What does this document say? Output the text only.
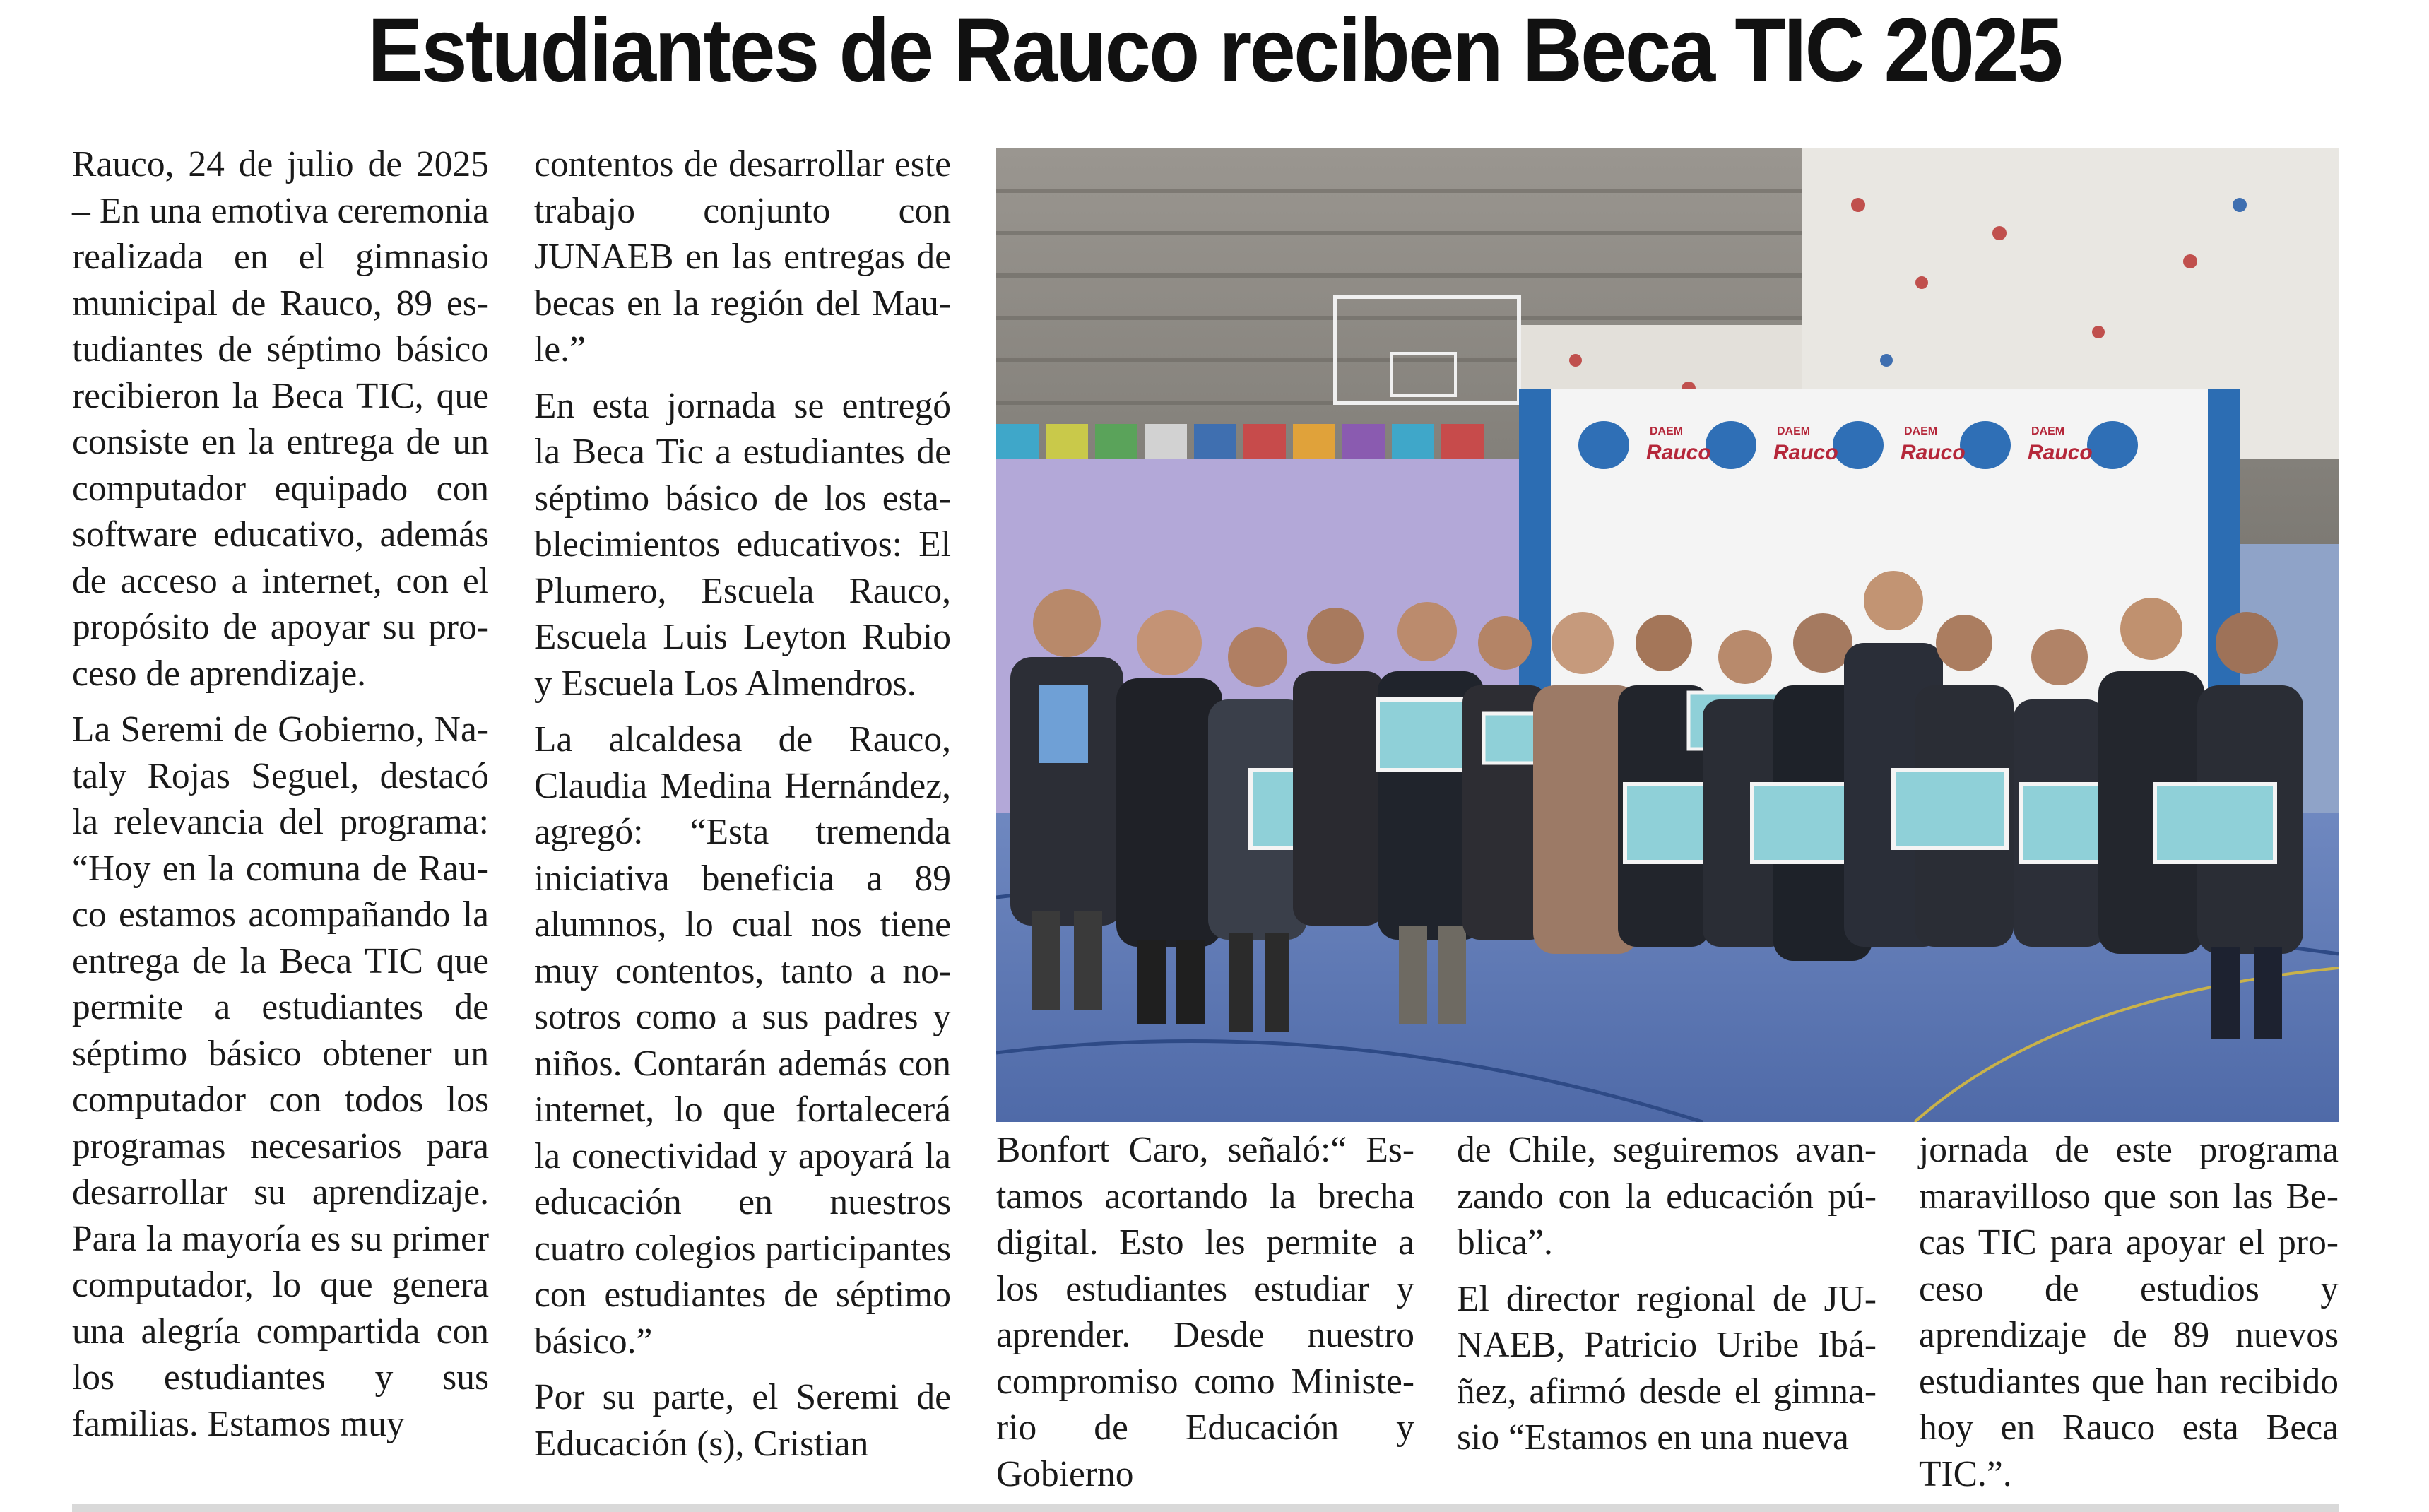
Estudiantes de Rauco reciben Beca TIC 2025

Rauco, 24 de julio de 2025 – En una emotiva ceremonia realizada en el gimnasio municipal de Rauco, 89 estudiantes de séptimo básico recibieron la Beca TIC, que consiste en la entrega de un computador equipado con software educativo, además de acceso a internet, con el propósito de apoyar su proceso de aprendizaje.

La Seremi de Gobierno, Nataly Rojas Seguel, destacó la relevancia del programa: “Hoy en la comuna de Rauco estamos acompañando la entrega de la Beca TIC que permite a estudiantes de séptimo básico obtener un computador con todos los programas necesarios para desarrollar su aprendizaje. Para la mayoría es su primer computador, lo que genera una alegría compartida con los estudiantes y sus familias. Estamos muy

contentos de desarrollar este trabajo conjunto con JUNAEB en las entregas de becas en la región del Maule.”

En esta jornada se entregó la Beca Tic a estudiantes de séptimo básico de los establecimientos educativos: El Plumero, Escuela Rauco, Escuela Luis Leyton Rubio y Escuela Los Almendros.

La alcaldesa de Rauco, Claudia Medina Hernández, agregó: “Esta tremenda iniciativa beneficia a 89 alumnos, lo cual nos tiene muy contentos, tanto a nosotros como a sus padres y niños. Contarán además con internet, lo que fortalecerá la conectividad y apoyará la educación en nuestros cuatro colegios participantes con estudiantes de séptimo básico.”

Por su parte, el Seremi de Educación (s), Cristian

Rauco	Rauco	Rauco	Rauco
DAEM	DAEM	DAEM	DAEM

Bonfort Caro, señaló:“ Estamos acortando la brecha digital. Esto les permite a los estudiantes estudiar y aprender. Desde nuestro compromiso como Ministerio de Educación y Gobierno

de Chile, seguiremos avanzando con la educación pública”.

El director regional de JUNAEB, Patricio Uribe Ibáñez, afirmó desde el gimnasio “Estamos en una nueva

jornada de este programa maravilloso que son las Becas TIC para apoyar el proceso de estudios y aprendizaje de 89 nuevos estudiantes que han recibido hoy en Rauco esta Beca TIC.”.
